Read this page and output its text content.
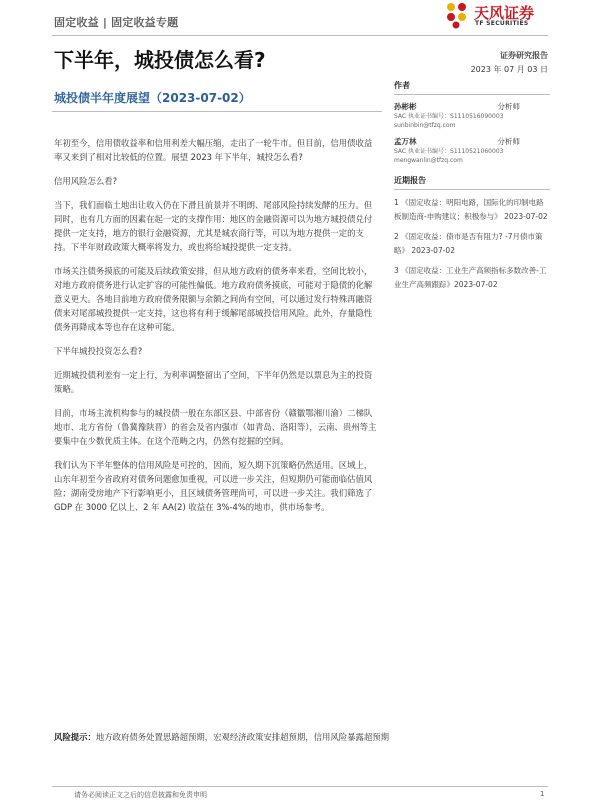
固定收益 | 固定收益专题
天风证券
TF SECURITIES
下半年，城投债怎么看?	证券研究报告
2023 年 07 月 03 日
城投债半年度展望（2023-07-02）

年初至今，信用债收益率和信用利差大幅压缩，走出了一轮牛市。但目前，信用债收益率又来到了相对比较低的位置。展望 2023 年下半年，城投怎么看?

信用风险怎么看?

当下，我们面临土地出让收入仍在下滑且前景并不明朗、尾部风险持续发酵的压力。但同时，也有几方面的因素在起一定的支撑作用：地区的金融资源可以为地方城投债兑付提供一定支持，地方的银行金融资源，尤其是城农商行等，可以为地方提供一定的支持。下半年财政政策大概率将发力，或也将给城投提供一定支持。

市场关注债务摸底的可能及后续政策安排，但从地方政府的债务率来看，空间比较小，对地方政府债务进行认定扩容的可能性偏低。地方政府债务摸底，可能对于隐债的化解意义更大。各地目前地方政府债务限额与余额之间尚有空间，可以通过发行特殊再融资债来对尾部城投提供一定支持，这也将有利于缓解尾部城投信用风险。此外，存量隐性债务再降成本等也存在这种可能。

下半年城投投资怎么看?

近期城投债利差有一定上行，为利率调整留出了空间，下半年仍然是以票息为主的投资策略。

目前，市场主流机构参与的城投债一般在东部区县、中部省份（赣徽鄂湘川渝）二梯队地市、北方省份（鲁冀豫陕晋）的省会及省内强市（如青岛、洛阳等），云南、贵州等主要集中在少数优质主体。在这个范畴之内，仍然有挖掘的空间。

我们认为下半年整体的信用风险是可控的，因而，短久期下沉策略仍然适用。区域上，山东年初至今省政府对债务问题愈加重视，可以进一步关注，但短期仍可能面临估值风险；湖南受房地产下行影响更小，且区域债务管理尚可，可以进一步关注。我们筛选了 GDP 在 3000 亿以上、2 年 AA(2) 收益在 3%-4%的地市，供市场参考。

作者
孙彬彬	分析师
SAC 执业证书编号：S1110516090003
sunbinbin@tfzq.com
孟万林	分析师
SAC 执业证书编号：S1110521060003
mengwanlin@tfzq.com
近期报告
1 《固定收益：明阳电路，国际化的印制电路板制造商-申购建议；积极参与》 2023-07-02
2 《固定收益：债市是否有阻力? -7月债市策略》 2023-07-02
3 《固定收益：工业生产高频指标多数改善-工业生产高频跟踪》2023-07-02
风险提示：地方政府债务处置思路超预期，宏观经济政策安排超预期，信用风险暴露超预期
请务必阅读正文之后的信息披露和免责申明	1
